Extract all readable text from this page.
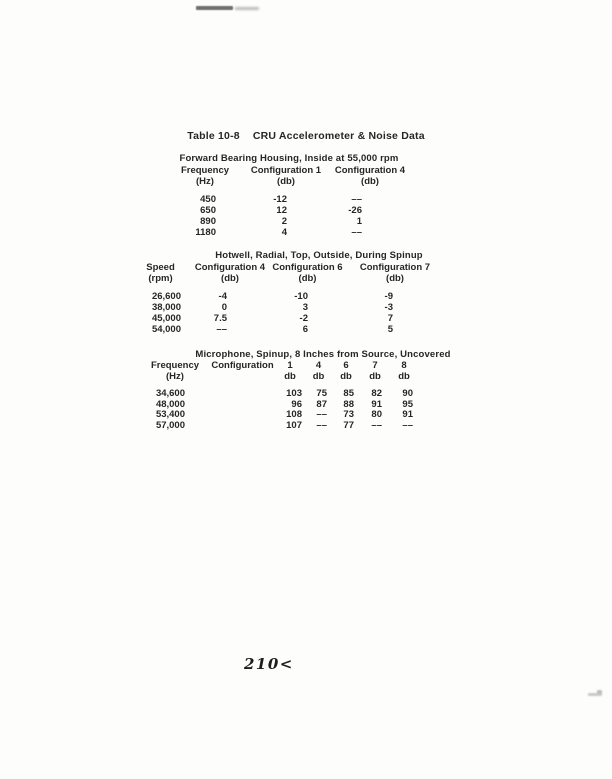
Table 10-8 CRU Accelerometer & Noise Data
Forward Bearing Housing, Inside at 55,000 rpm
Frequency	Configuration 1	Configuration 4
(Hz)	(db)	(db)

450	-12	––
650	12	-26
890	2	1
1180	4	––
Hotwell, Radial, Top, Outside, During Spinup
Speed	Configuration 4	Configuration 6	Configuration 7
(rpm)	(db)	(db)	(db)

26,600	-4	-10	-9
38,000	0	3	-3
45,000	7.5	-2	7
54,000	––	6	5
Microphone, Spinup, 8 Inches from Source, Uncovered
Frequency	Configuration	1	4	6	7	8
(Hz)		db	db	db	db	db

34,600		103	75	85	82	90
48,000		96	87	88	91	95
53,400		108	––	73	80	91
57,000		107	––	77	––	––
210<
